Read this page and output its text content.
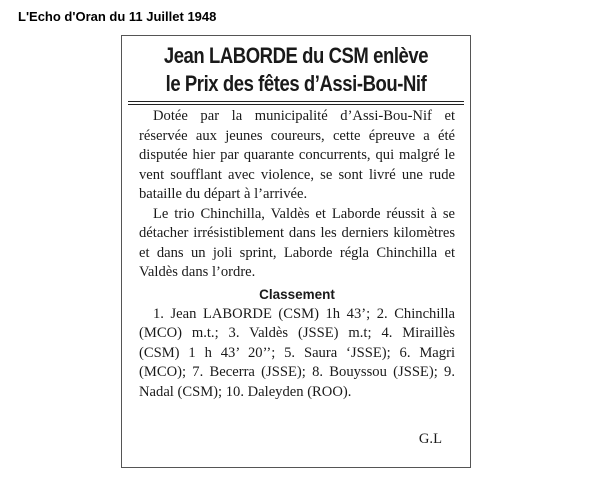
L'Echo d'Oran du 11 Juillet 1948
Jean LABORDE du CSM enlève
le Prix des fêtes d’Assi-Bou-Nif

Dotée par la municipalité d’Assi-Bou-Nif et réservée aux jeunes coureurs, cette épreuve a été disputée hier par quarante concurrents, qui malgré le vent soufflant avec violence, se sont livré une rude bataille du départ à l’arrivée.

Le trio Chinchilla, Valdès et Laborde réussit à se détacher irrésistiblement dans les derniers kilomètres et dans un joli sprint, Laborde régla Chinchilla et Valdès dans l’ordre.

Classement

1. Jean LABORDE (CSM) 1h 43’; 2. Chinchilla (MCO) m.t.; 3. Valdès (JSSE) m.t; 4. Miraillès (CSM) 1 h 43’ 20’’; 5. Saura ‘JSSE); 6. Magri (MCO); 7. Becerra (JSSE); 8. Bouyssou (JSSE); 9. Nadal (CSM); 10. Daleyden (ROO).

G.L
